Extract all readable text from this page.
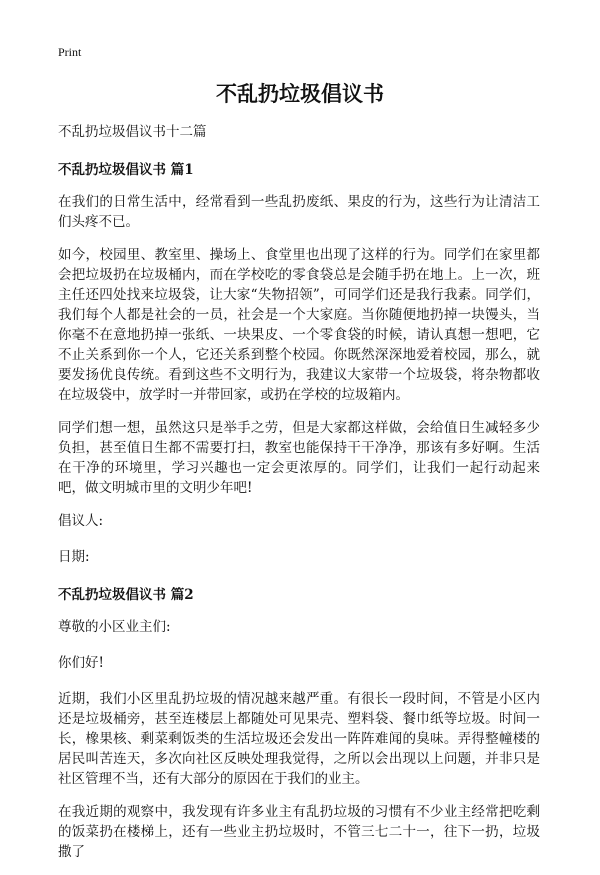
Print
不乱扔垃圾倡议书

不乱扔垃圾倡议书十二篇

不乱扔垃圾倡议书 篇1

在我们的日常生活中，经常看到一些乱扔废纸、果皮的行为，这些行为让清洁工们头疼不已。

如今，校园里、教室里、操场上、食堂里也出现了这样的行为。同学们在家里都会把垃圾扔在垃圾桶内，而在学校吃的零食袋总是会随手扔在地上。上一次，班主任还四处找来垃圾袋，让大家“失物招领”，可同学们还是我行我素。同学们，我们每个人都是社会的一员，社会是一个大家庭。当你随便地扔掉一块馒头，当你毫不在意地扔掉一张纸、一块果皮、一个零食袋的时候，请认真想一想吧，它不止关系到你一个人，它还关系到整个校园。你既然深深地爱着校园，那么，就要发扬优良传统。看到这些不文明行为，我建议大家带一个垃圾袋，将杂物都收在垃圾袋中，放学时一并带回家，或扔在学校的垃圾箱内。

同学们想一想，虽然这只是举手之劳，但是大家都这样做，会给值日生减轻多少负担，甚至值日生都不需要打扫，教室也能保持干干净净，那该有多好啊。生活在干净的环境里，学习兴趣也一定会更浓厚的。同学们，让我们一起行动起来吧，做文明城市里的文明少年吧!

倡议人:

日期:

不乱扔垃圾倡议书 篇2

尊敬的小区业主们:

你们好!

近期，我们小区里乱扔垃圾的情况越来越严重。有很长一段时间，不管是小区内还是垃圾桶旁，甚至连楼层上都随处可见果壳、塑料袋、餐巾纸等垃圾。时间一长，橡果核、剩菜剩饭类的生活垃圾还会发出一阵阵难闻的臭味。弄得整幢楼的居民叫苦连天，多次向社区反映处理我觉得，之所以会出现以上问题，并非只是社区管理不当，还有大部分的原因在于我们的业主。

在我近期的观察中，我发现有许多业主有乱扔垃圾的习惯有不少业主经常把吃剩的饭菜扔在楼梯上，还有一些业主扔垃圾时，不管三七二十一，往下一扔，垃圾撒了
